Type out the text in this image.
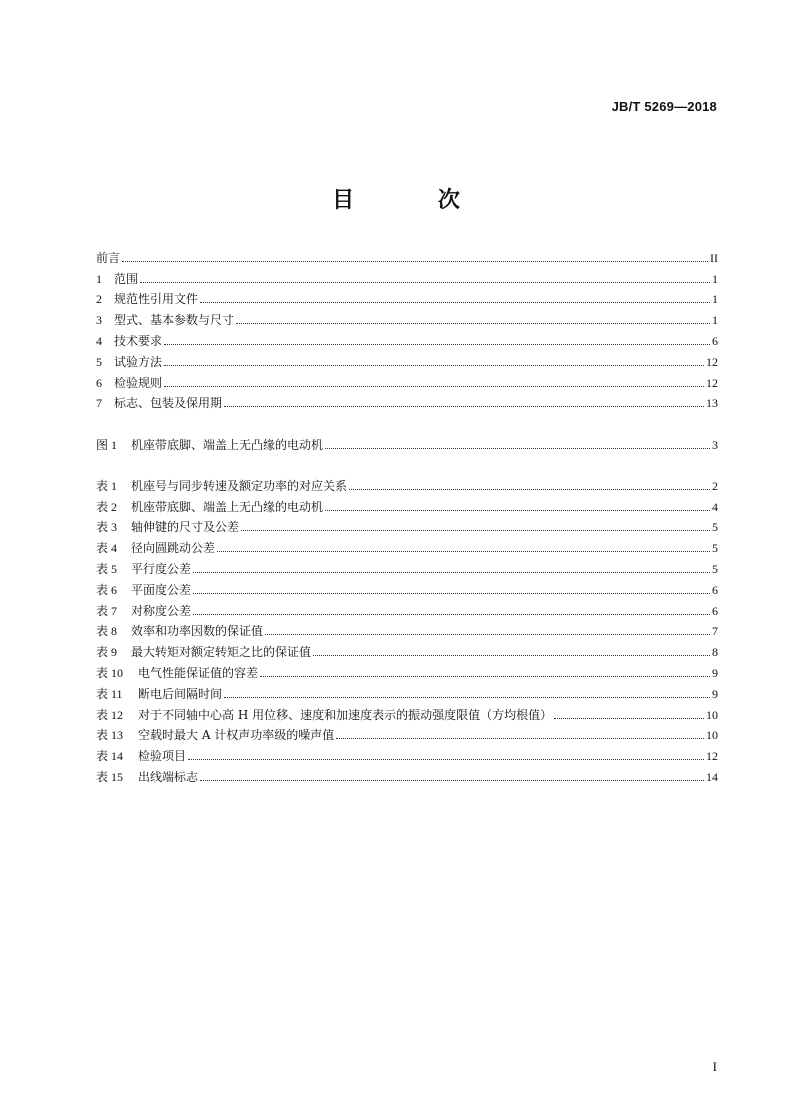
JB/T 5269—2018
目 次
前言	II
1	范围	1
2	规范性引用文件	1
3	型式、基本参数与尺寸	1
4	技术要求	6
5	试验方法	12
6	检验规则	12
7	标志、包装及保用期	13
图 1	机座带底脚、端盖上无凸缘的电动机	3
表 1	机座号与同步转速及额定功率的对应关系	2
表 2	机座带底脚、端盖上无凸缘的电动机	4
表 3	轴伸键的尺寸及公差	5
表 4	径向圆跳动公差	5
表 5	平行度公差	5
表 6	平面度公差	6
表 7	对称度公差	6
表 8	效率和功率因数的保证值	7
表 9	最大转矩对额定转矩之比的保证值	8
表 10	电气性能保证值的容差	9
表 11	断电后间隔时间	9
表 12	对于不同轴中心高 H 用位移、速度和加速度表示的振动强度限值（方均根值）	10
表 13	空载时最大 A 计权声功率级的噪声值	10
表 14	检验项目	12
表 15	出线端标志	14
I
